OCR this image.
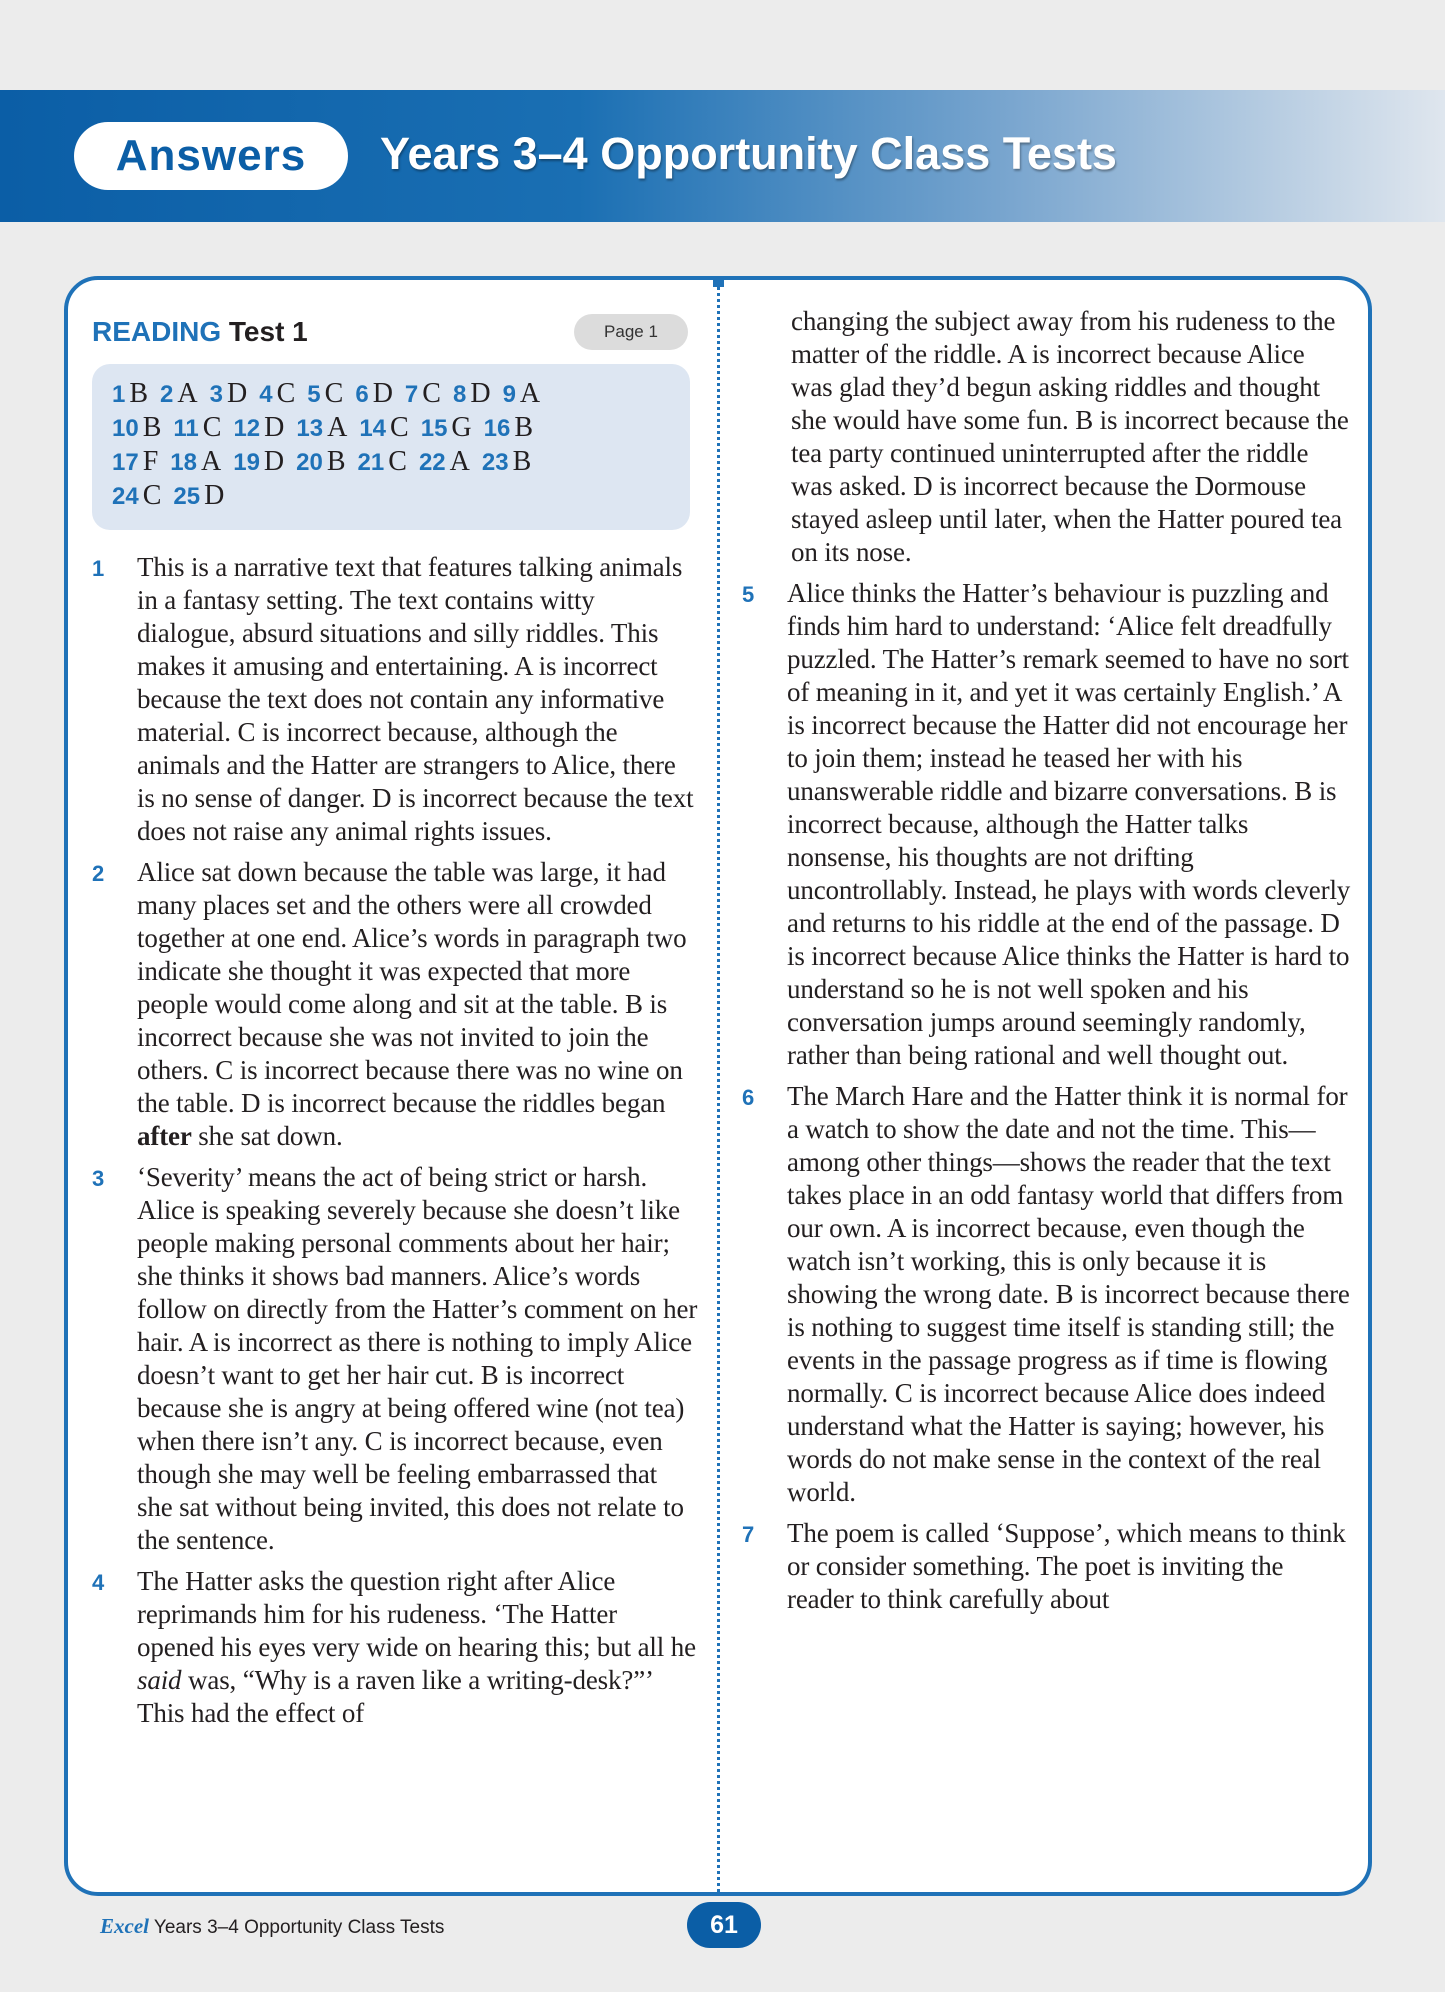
Answers	Years 3–4 Opportunity Class Tests
READING Test 1	Page 1
1 B 2 A 3 D 4 C 5 C 6 D 7 C 8 D 9 A
10 B 11 C 12 D 13 A 14 C 15 G 16 B
17 F 18 A 19 D 20 B 21 C 22 A 23 B
24 C 25 D
1 This is a narrative text that features talking animals in a fantasy setting. The text contains witty dialogue, absurd situations and silly riddles. This makes it amusing and entertaining. A is incorrect because the text does not contain any informative material. C is incorrect because, although the animals and the Hatter are strangers to Alice, there is no sense of danger. D is incorrect because the text does not raise any animal rights issues.
2 Alice sat down because the table was large, it had many places set and the others were all crowded together at one end. Alice’s words in paragraph two indicate she thought it was expected that more people would come along and sit at the table. B is incorrect because she was not invited to join the others. C is incorrect because there was no wine on the table. D is incorrect because the riddles began after she sat down.
3 ‘Severity’ means the act of being strict or harsh. Alice is speaking severely because she doesn’t like people making personal comments about her hair; she thinks it shows bad manners. Alice’s words follow on directly from the Hatter’s comment on her hair. A is incorrect as there is nothing to imply Alice doesn’t want to get her hair cut. B is incorrect because she is angry at being offered wine (not tea) when there isn’t any. C is incorrect because, even though she may well be feeling embarrassed that she sat without being invited, this does not relate to the sentence.
4 The Hatter asks the question right after Alice reprimands him for his rudeness. ‘The Hatter opened his eyes very wide on hearing this; but all he said was, “Why is a raven like a writing-desk?”’ This had the effect of
changing the subject away from his rudeness to the matter of the riddle. A is incorrect because Alice was glad they’d begun asking riddles and thought she would have some fun. B is incorrect because the tea party continued uninterrupted after the riddle was asked. D is incorrect because the Dormouse stayed asleep until later, when the Hatter poured tea on its nose.
5 Alice thinks the Hatter’s behaviour is puzzling and finds him hard to understand: ‘Alice felt dreadfully puzzled. The Hatter’s remark seemed to have no sort of meaning in it, and yet it was certainly English.’ A is incorrect because the Hatter did not encourage her to join them; instead he teased her with his unanswerable riddle and bizarre conversations. B is incorrect because, although the Hatter talks nonsense, his thoughts are not drifting uncontrollably. Instead, he plays with words cleverly and returns to his riddle at the end of the passage. D is incorrect because Alice thinks the Hatter is hard to understand so he is not well spoken and his conversation jumps around seemingly randomly, rather than being rational and well thought out.
6 The March Hare and the Hatter think it is normal for a watch to show the date and not the time. This—among other things—shows the reader that the text takes place in an odd fantasy world that differs from our own. A is incorrect because, even though the watch isn’t working, this is only because it is showing the wrong date. B is incorrect because there is nothing to suggest time itself is standing still; the events in the passage progress as if time is flowing normally. C is incorrect because Alice does indeed understand what the Hatter is saying; however, his words do not make sense in the context of the real world.
7 The poem is called ‘Suppose’, which means to think or consider something. The poet is inviting the reader to think carefully about
Excel Years 3–4 Opportunity Class Tests	61
